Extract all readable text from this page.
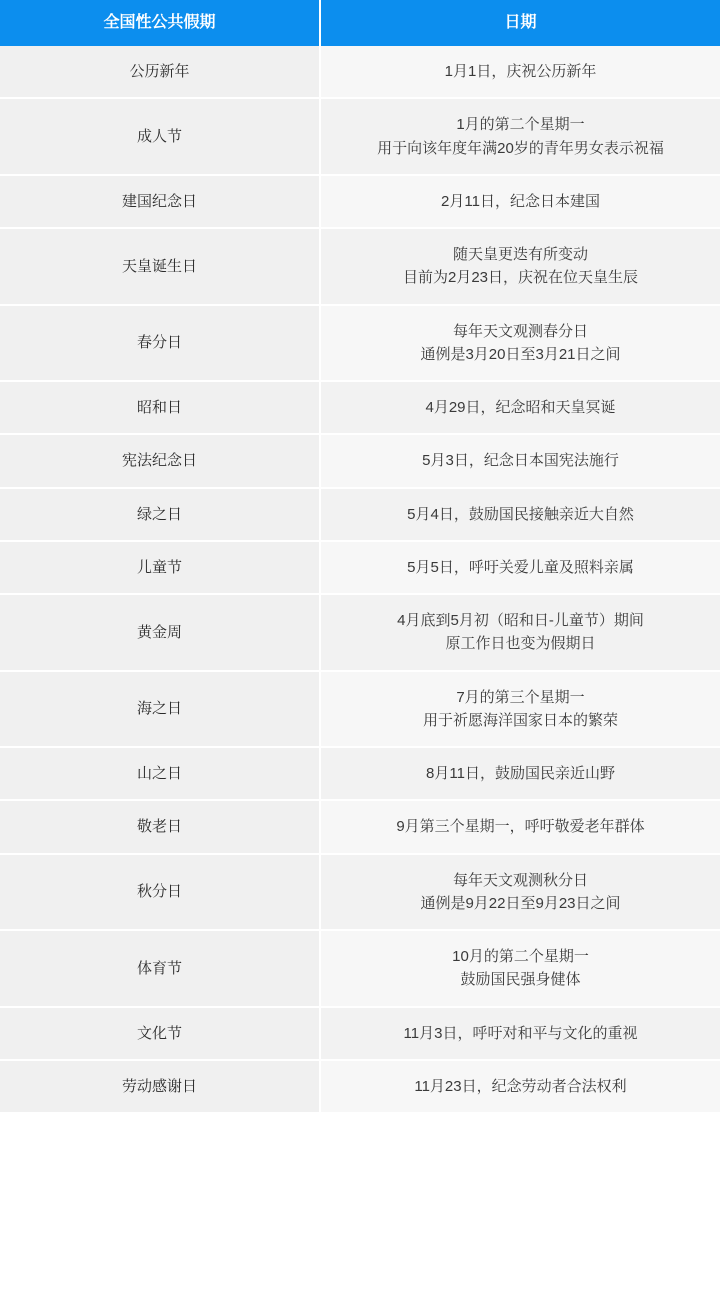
全国性公共假期	日期
公历新年	1月1日，庆祝公历新年

成人节	1月的第二个星期一
用于向该年度年满20岁的青年男女表示祝福

建国纪念日	2月11日，纪念日本建国

天皇诞生日	随天皇更迭有所变动
目前为2月23日，庆祝在位天皇生辰

春分日	每年天文观测春分日
通例是3月20日至3月21日之间

昭和日	4月29日，纪念昭和天皇冥诞

宪法纪念日	5月3日，纪念日本国宪法施行

绿之日	5月4日，鼓励国民接触亲近大自然

儿童节	5月5日，呼吁关爱儿童及照料亲属

黄金周	4月底到5月初（昭和日-儿童节）期间
原工作日也变为假期日

海之日	7月的第三个星期一
用于祈愿海洋国家日本的繁荣

山之日	8月11日，鼓励国民亲近山野

敬老日	9月第三个星期一，呼吁敬爱老年群体

秋分日	每年天文观测秋分日
通例是9月22日至9月23日之间

体育节	10月的第二个星期一
鼓励国民强身健体

文化节	11月3日，呼吁对和平与文化的重视

劳动感谢日	11月23日，纪念劳动者合法权利
